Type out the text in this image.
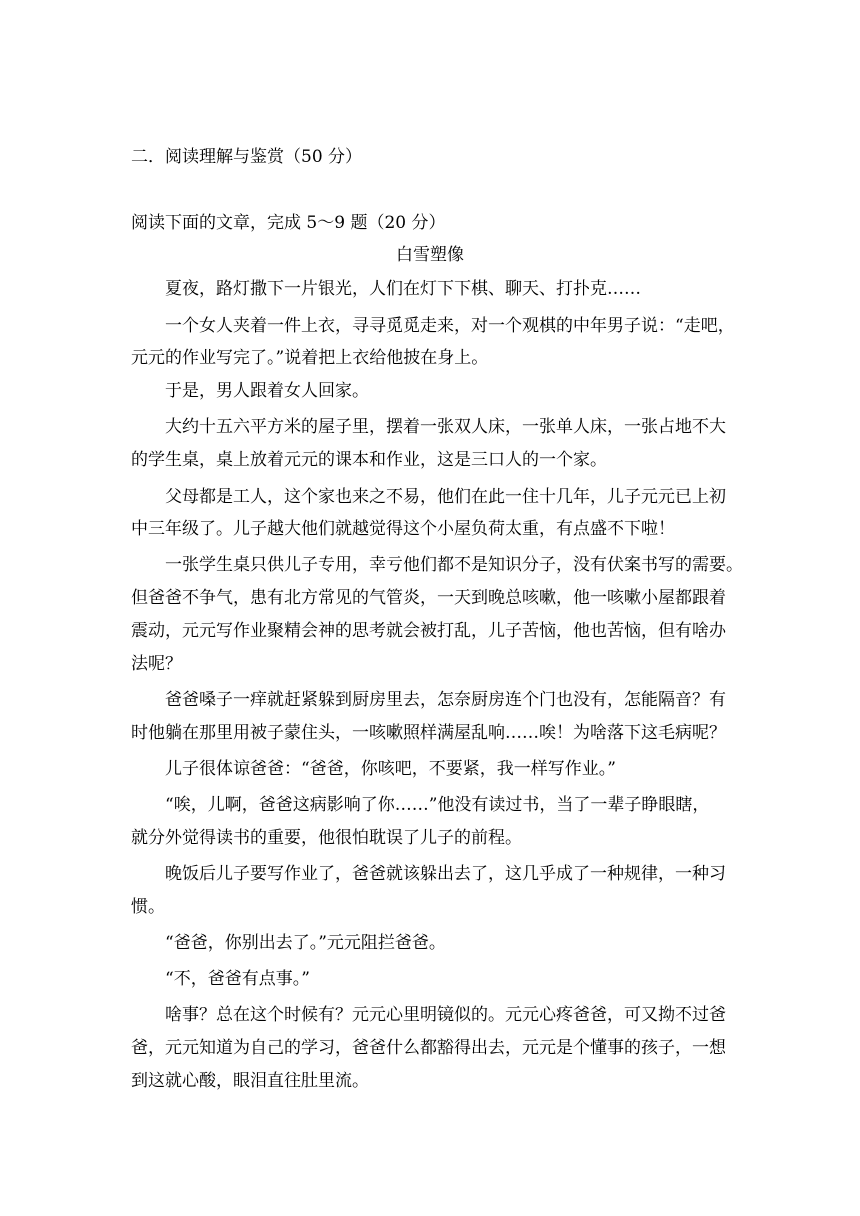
二．阅读理解与鉴赏（50 分）

阅读下面的文章，完成 5～9 题（20 分）

白雪塑像

　　夏夜，路灯撒下一片银光，人们在灯下下棋、聊天、打扑克……

　　一个女人夹着一件上衣，寻寻觅觅走来，对一个观棋的中年男子说：“走吧，

元元的作业写完了。”说着把上衣给他披在身上。

　　于是，男人跟着女人回家。

　　大约十五六平方米的屋子里，摆着一张双人床，一张单人床，一张占地不大

的学生桌，桌上放着元元的课本和作业，这是三口人的一个家。

　　父母都是工人，这个家也来之不易，他们在此一住十几年，儿子元元已上初

中三年级了。儿子越大他们就越觉得这个小屋负荷太重，有点盛不下啦！

　　一张学生桌只供儿子专用，幸亏他们都不是知识分子，没有伏案书写的需要。

但爸爸不争气，患有北方常见的气管炎，一天到晚总咳嗽，他一咳嗽小屋都跟着

震动，元元写作业聚精会神的思考就会被打乱，儿子苦恼，他也苦恼，但有啥办

法呢？

　　爸爸嗓子一痒就赶紧躲到厨房里去，怎奈厨房连个门也没有，怎能隔音？有

时他躺在那里用被子蒙住头，一咳嗽照样满屋乱响……唉！为啥落下这毛病呢？

　　儿子很体谅爸爸：“爸爸，你咳吧，不要紧，我一样写作业。”

　　“唉，儿啊，爸爸这病影响了你……”他没有读过书，当了一辈子睁眼瞎，

就分外觉得读书的重要，他很怕耽误了儿子的前程。

　　晚饭后儿子要写作业了，爸爸就该躲出去了，这几乎成了一种规律，一种习

惯。

　　“爸爸，你别出去了。”元元阻拦爸爸。

　　“不，爸爸有点事。”

　　啥事？总在这个时候有？元元心里明镜似的。元元心疼爸爸，可又拗不过爸

爸，元元知道为自己的学习，爸爸什么都豁得出去，元元是个懂事的孩子，一想

到这就心酸，眼泪直往肚里流。
